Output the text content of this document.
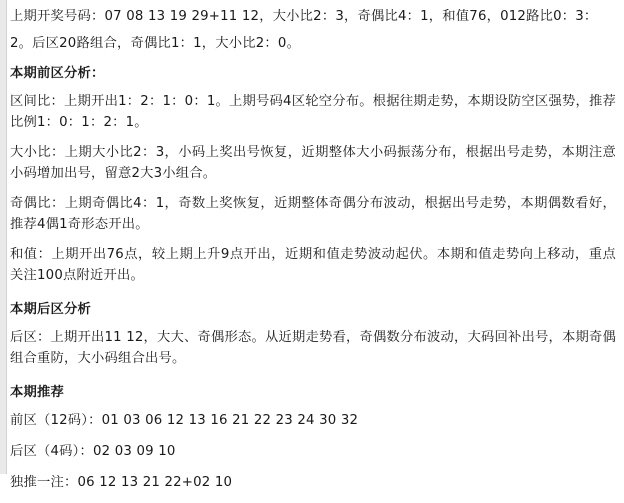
上期开奖号码：07 08 13 19 29+11 12，大小比2：3，奇偶比4：1，和值76，012路比0：3：

2。后区20路组合，奇偶比1：1，大小比2：0。

本期前区分析：

区间比：上期开出1：2：1：0：1。上期号码4区轮空分布。根据往期走势，本期设防空区强势，推荐比例1：0：1：2：1。

大小比：上期大小比2：3，小码上奖出号恢复，近期整体大小码振荡分布，根据出号走势，本期注意小码增加出号，留意2大3小组合。

奇偶比：上期奇偶比4：1，奇数上奖恢复，近期整体奇偶分布波动，根据出号走势，本期偶数看好，推荐4偶1奇形态开出。

和值：上期开出76点，较上期上升9点开出，近期和值走势波动起伏。本期和值走势向上移动，重点关注100点附近开出。

本期后区分析

后区：上期开出11 12，大大、奇偶形态。从近期走势看，奇偶数分布波动，大码回补出号，本期奇偶组合重防，大小码组合出号。

本期推荐

前区（12码）：01 03 06 12 13 16 21 22 23 24 30 32

后区（4码）：02 03 09 10

独推一注：06 12 13 21 22+02 10
